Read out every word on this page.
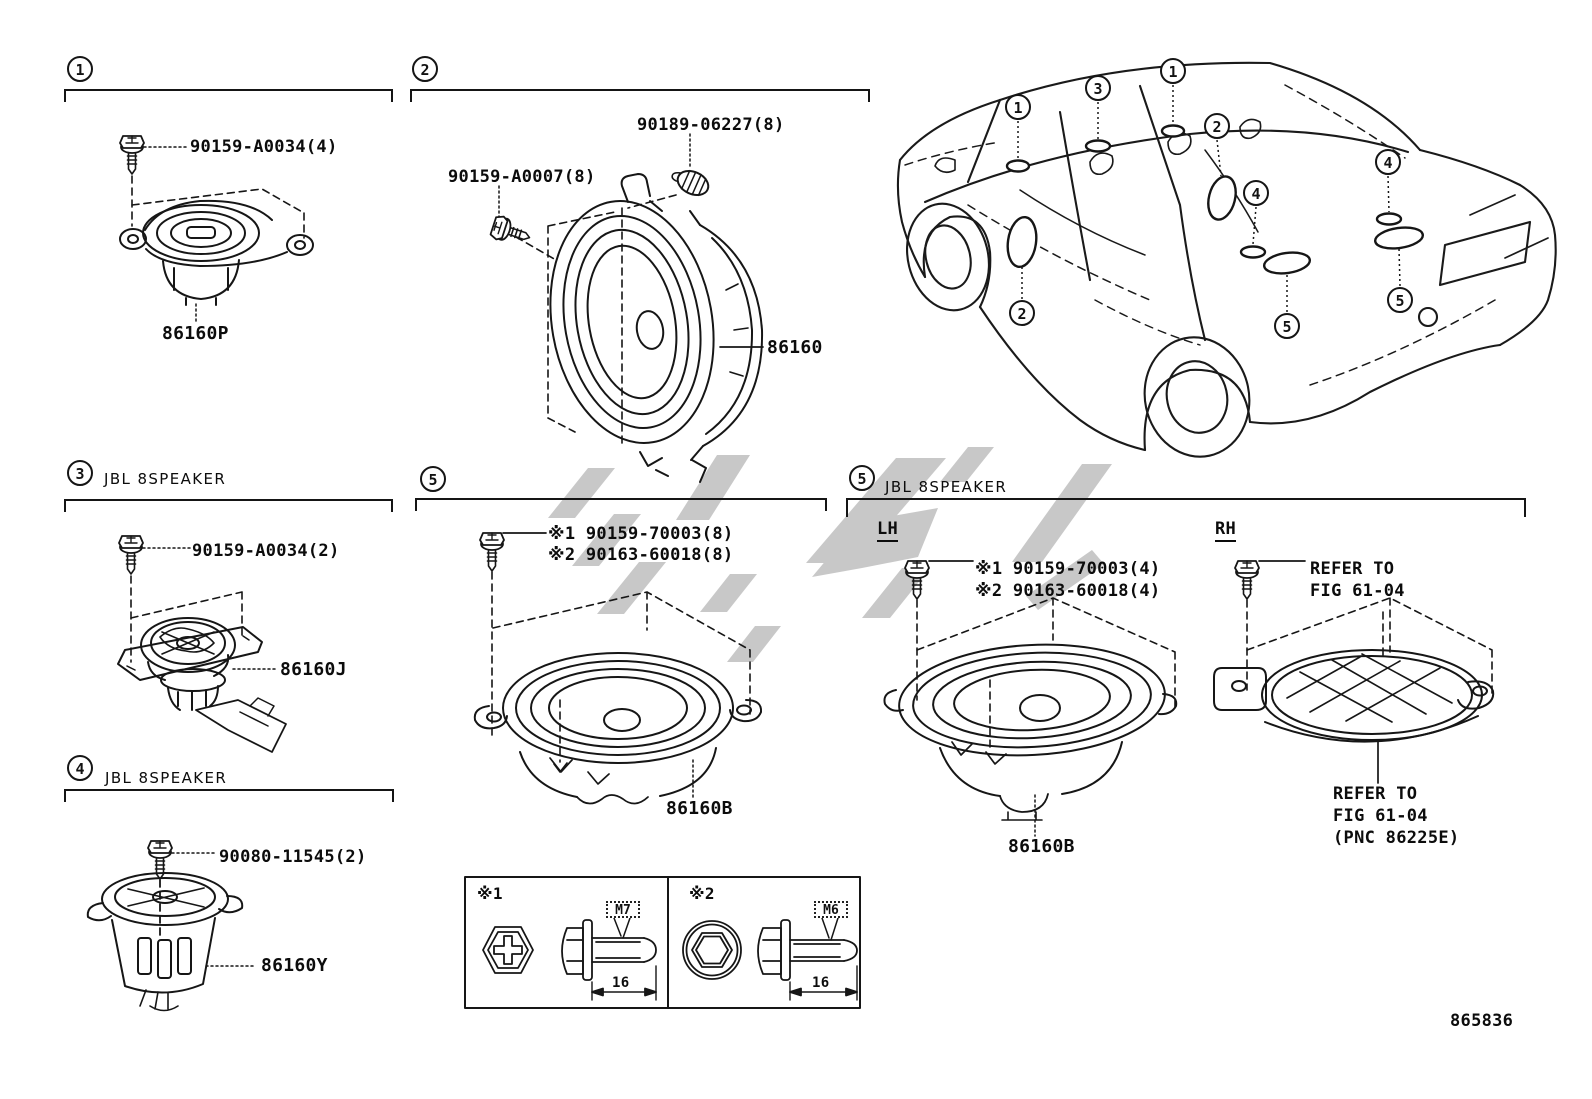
1	2
3
4
5	5
1
3
1
2
4
2
5
4
5
90159-A0034(4)
86160P
90189-06227(8)
90159-A0007(8)
86160
JBL 8SPEAKER
90159-A0034(2)
86160J
JBL 8SPEAKER
90080-11545(2)
86160Y
※1 90159-70003(8)
※2 90163-60018(8)
86160B
JBL 8SPEAKER
LH	RH
※1 90159-70003(4)
※2 90163-60018(4)
86160B
REFER TO
FIG 61-04
REFER TO
FIG 61-04
(PNC 86225E)
※1	※2
M7	M6
16	16
865836
